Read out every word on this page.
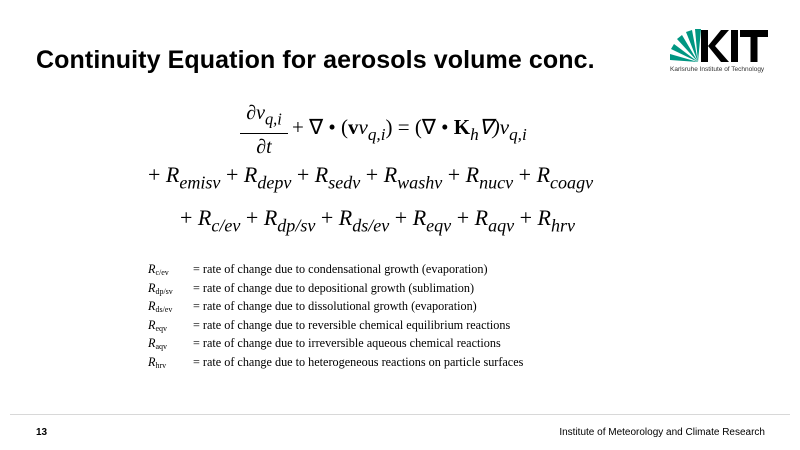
Continuity Equation for aerosols volume conc.	Karlsruhe Institute of Technology
$\partial v_{q,i}$
∂t
+ ∇ • $(vv_{q,i})$ = (∇ • $K_h\nabla)v_{q,i}$
+ $R_{emisv} + R_{depv} + R_{sedv} + R_{washv} + R_{nucv} + R_{coagv}$
+ $R_{c/ev} + R_{dp/sv} + R_{ds/ev} + R_{eqv} + R_{aqv} + R_{hrv}$
$R_{c/ev}$	= rate of change due to condensational growth (evaporation)
$R_{dp/sv}$	= rate of change due to depositional growth (sublimation)
$R_{ds/ev}$	= rate of change due to dissolutional growth (evaporation)
$R_{eqv}$	= rate of change due to reversible chemical equilibrium reactions
$R_{aqv}$	= rate of change due to irreversible aqueous chemical reactions
$R_{hrv}$	= rate of change due to heterogeneous reactions on particle surfaces
13	Institute of Meteorology and Climate Research
